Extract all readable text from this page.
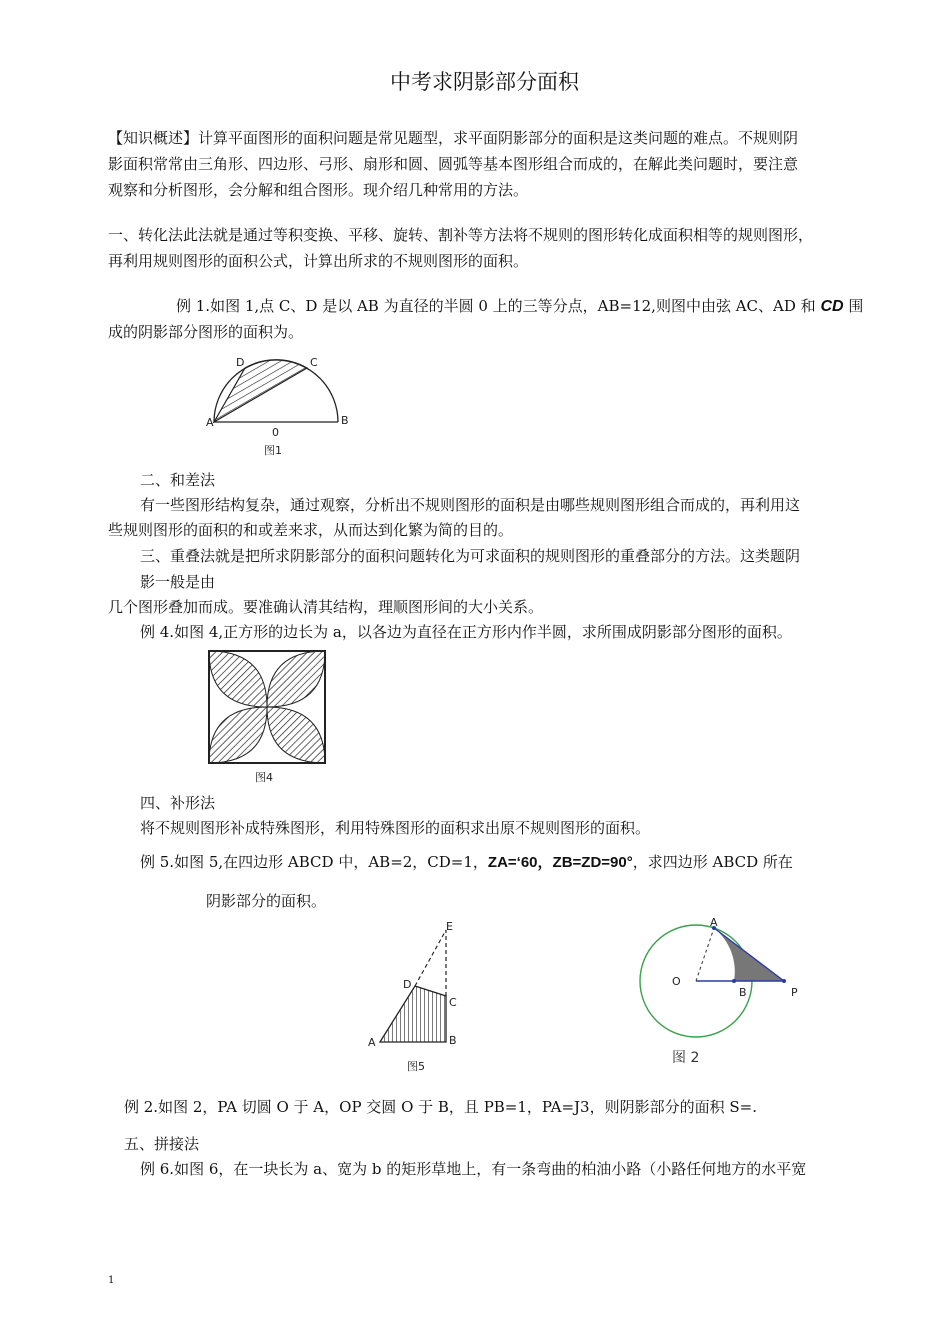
中考求阴影部分面积
【知识概述】计算平面图形的面积问题是常见题型，求平面阴影部分的面积是这类问题的难点。不规则阴
影面积常常由三角形、四边形、弓形、扇形和圆、圆弧等基本图形组合而成的，在解此类问题时，要注意
观察和分析图形，会分解和组合图形。现介绍几种常用的方法。
一、转化法此法就是通过等积变换、平移、旋转、割补等方法将不规则的图形转化成面积相等的规则图形，
再利用规则图形的面积公式，计算出所求的不规则图形的面积。
例 1.如图 1,点 C、D 是以 AB 为直径的半圆 0 上的三等分点，AB=12,则图中由弦 AC、AD 和 CD 围
成的阴影部分图形的面积为。
A	B
C
D
0
图1
二、和差法
有一些图形结构复杂，通过观察，分析出不规则图形的面积是由哪些规则图形组合而成的，再利用这
些规则图形的面积的和或差来求，从而达到化繁为简的目的。
三、重叠法就是把所求阴影部分的面积问题转化为可求面积的规则图形的重叠部分的方法。这类题阴
影一般是由
几个图形叠加而成。要准确认清其结构，理顺图形间的大小关系。
例 4.如图 4,正方形的边长为 a，以各边为直径在正方形内作半圆，求所围成阴影部分图形的面积。
图4
四、补形法
将不规则图形补成特殊图形，利用特殊图形的面积求出原不规则图形的面积。
例 5.如图 5,在四边形 ABCD 中，AB=2，CD=1，ZA=‘60，ZB=ZD=90°，求四边形 ABCD 所在
阴影部分的面积。
A	B
C
D
E
图5
A
B
O
P
图 2
例 2.如图 2，PA 切圆 O 于 A，OP 交圆 O 于 B，且 PB=1，PA=J3，则阴影部分的面积 S=.
五、拼接法
例 6.如图 6，在一块长为 a、宽为 b 的矩形草地上，有一条弯曲的柏油小路（小路任何地方的水平宽
1
